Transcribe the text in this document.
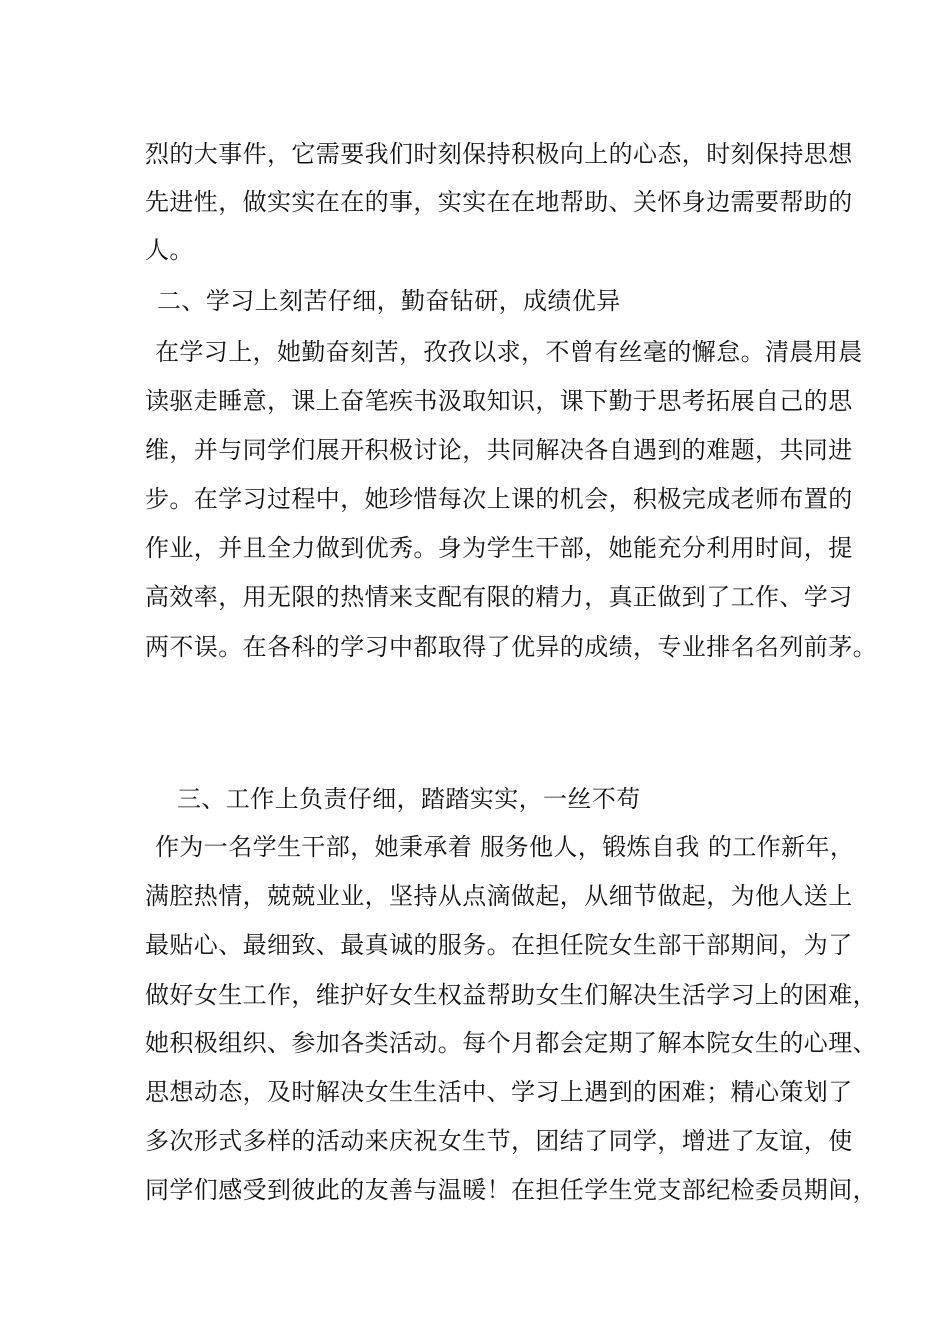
烈的大事件，它需要我们时刻保持积极向上的心态，时刻保持思想
先进性，做实实在在的事，实实在在地帮助、关怀身边需要帮助的
人。
二、学习上刻苦仔细，勤奋钻研，成绩优异
在学习上，她勤奋刻苦，孜孜以求，不曾有丝毫的懈怠。清晨用晨
读驱走睡意，课上奋笔疾书汲取知识，课下勤于思考拓展自己的思
维，并与同学们展开积极讨论，共同解决各自遇到的难题，共同进
步。在学习过程中，她珍惜每次上课的机会，积极完成老师布置的
作业，并且全力做到优秀。身为学生干部，她能充分利用时间，提
高效率，用无限的热情来支配有限的精力，真正做到了工作、学习
两不误。在各科的学习中都取得了优异的成绩，专业排名名列前茅。
三、工作上负责仔细，踏踏实实，一丝不苟
作为一名学生干部，她秉承着 服务他人，锻炼自我 的工作新年，
满腔热情，兢兢业业，坚持从点滴做起，从细节做起，为他人送上
最贴心、最细致、最真诚的服务。在担任院女生部干部期间，为了
做好女生工作，维护好女生权益帮助女生们解决生活学习上的困难，
她积极组织、参加各类活动。每个月都会定期了解本院女生的心理、
思想动态，及时解决女生生活中、学习上遇到的困难；精心策划了
多次形式多样的活动来庆祝女生节，团结了同学，增进了友谊，使
同学们感受到彼此的友善与温暖！在担任学生党支部纪检委员期间，
